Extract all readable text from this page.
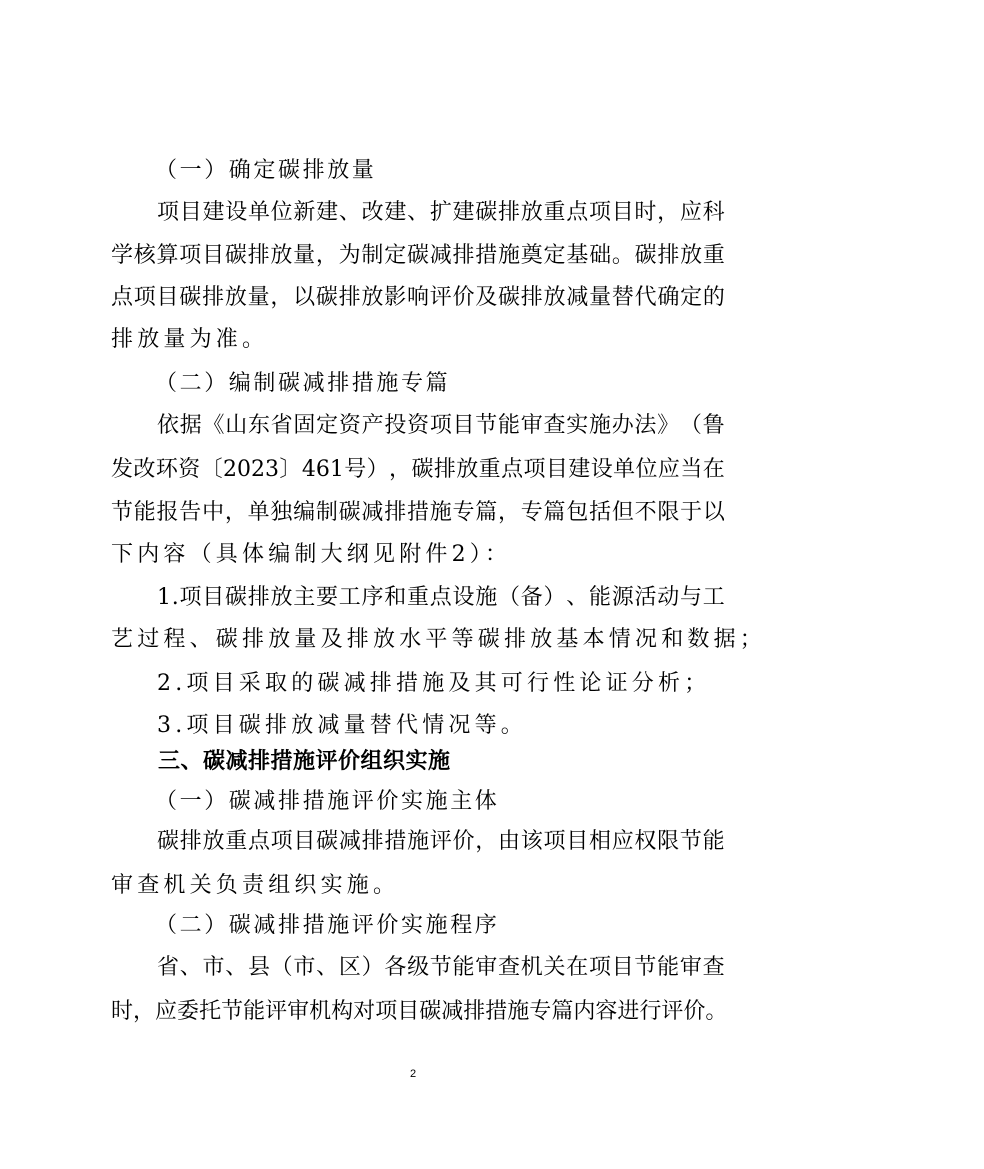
（一）确定碳排放量
项 目 建 设 单 位 新 建 、 改 建 、 扩 建 碳 排 放 重 点 项 目 时 ， 应 科
学 核 算 项 目 碳 排 放 量 ， 为 制 定 碳 减 排 措 施 奠 定 基 础 。 碳 排 放 重
点 项 目 碳 排 放 量 ， 以 碳 排 放 影 响 评 价 及 碳 排 放 减 量 替 代 确 定 的
排放量为准。
（二）编制碳减排措施专篇
依 据 《 山 东 省 固 定 资 产 投 资 项 目 节 能 审 查 实 施 办 法 》 （ 鲁
发 改 环 资 〔 2023 〕 461 号 ） ， 碳 排 放 重 点 项 目 建 设 单 位 应 当 在
节 能 报 告 中 ， 单 独 编 制 碳 减 排 措 施 专 篇 ， 专 篇 包 括 但 不 限 于 以
下内容（具体编制大纲见附件2）：
1 . 项 目 碳 排 放 主 要 工 序 和 重 点 设 施 （ 备 ） 、 能 源 活 动 与 工
艺过程、碳排放量及排放水平等碳排放基本情况和数据；
2.项目采取的碳减排措施及其可行性论证分析；
3.项目碳排放减量替代情况等。
三、碳减排措施评价组织实施
（一）碳减排措施评价实施主体
碳 排 放 重 点 项 目 碳 减 排 措 施 评 价 ， 由 该 项 目 相 应 权 限 节 能
审查机关负责组织实施。
（二）碳减排措施评价实施程序
省 、 市 、 县 （ 市 、 区 ） 各 级 节 能 审 查 机 关 在 项 目 节 能 审 查
时 ， 应 委 托 节 能 评 审 机 构 对 项 目 碳 减 排 措 施 专 篇 内 容 进 行 评 价 。
2
